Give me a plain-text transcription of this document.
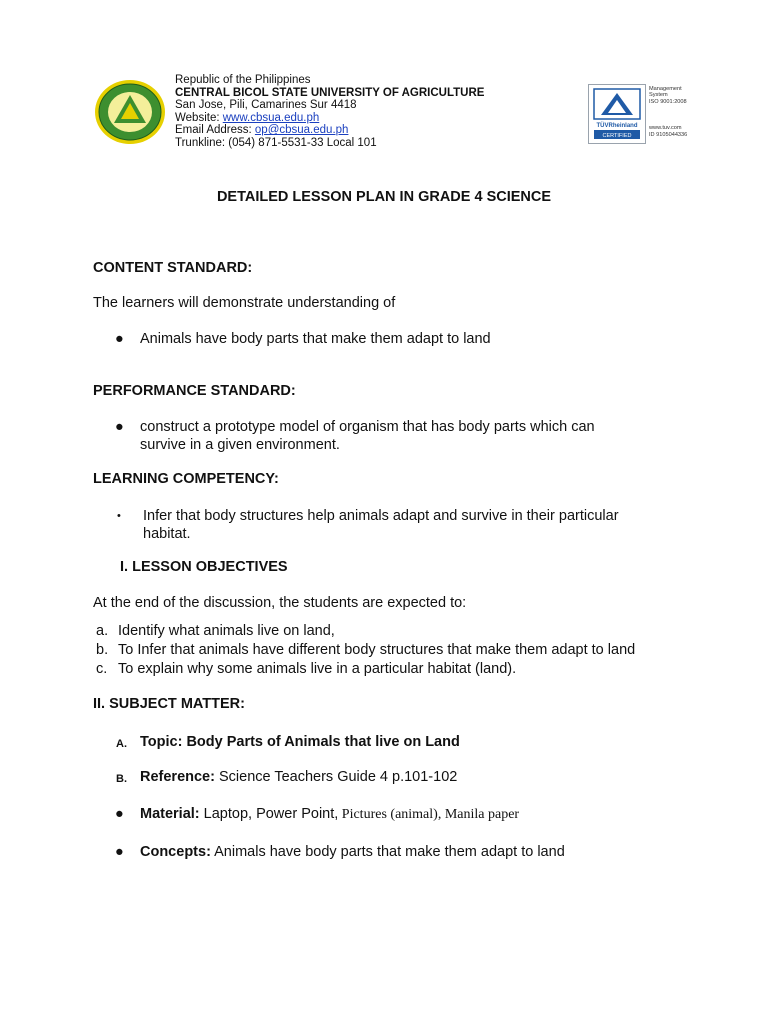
Republic of the Philippines
CENTRAL BICOL STATE UNIVERSITY OF AGRICULTURE
San Jose, Pili, Camarines Sur 4418
Website: www.cbsua.edu.ph
Email Address: op@cbsua.edu.ph
Trunkline: (054) 871-5531-33 Local 101
TÜVRheinland
CERTIFIED
Management
System
ISO 9001:2008
www.tuv.com
ID 9105044336
DETAILED LESSON PLAN IN GRADE 4 SCIENCE
CONTENT STANDARD:
The learners will demonstrate understanding of
● Animals have body parts that make them adapt to land
PERFORMANCE STANDARD:
● construct a prototype model of organism that has body parts which can
survive in a given environment.
LEARNING COMPETENCY:
• Infer that body structures help animals adapt and survive in their particular
habitat.
I. LESSON OBJECTIVES
At the end of the discussion, the students are expected to:
a. Identify what animals live on land,
b. To Infer that animals have different body structures that make them adapt to land
c. To explain why some animals live in a particular habitat (land).
II. SUBJECT MATTER:
A. Topic: Body Parts of Animals that live on Land
B. Reference: Science Teachers Guide 4 p.101-102
● Material: Laptop, Power Point, Pictures (animal), Manila paper
● Concepts: Animals have body parts that make them adapt to land
